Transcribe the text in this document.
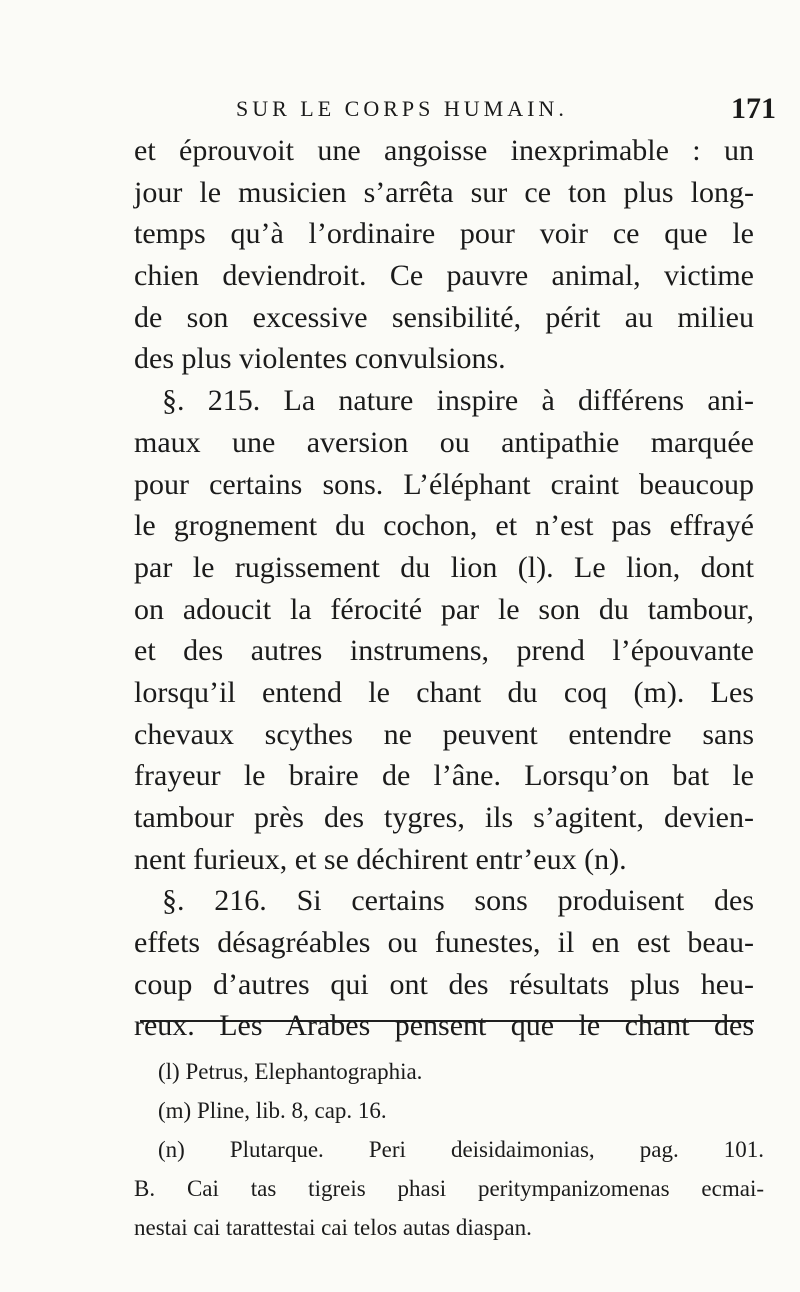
SUR LE CORPS HUMAIN.	171
et éprouvoit une angoisse inexprimable : un
jour le musicien s’arrêta sur ce ton plus long-
temps qu’à l’ordinaire pour voir ce que le
chien deviendroit. Ce pauvre animal, victime
de son excessive sensibilité, périt au milieu
des plus violentes convulsions.
§. 215. La nature inspire à différens ani-
maux une aversion ou antipathie marquée
pour certains sons. L’éléphant craint beaucoup
le grognement du cochon, et n’est pas effrayé
par le rugissement du lion (l). Le lion, dont
on adoucit la férocité par le son du tambour,
et des autres instrumens, prend l’épouvante
lorsqu’il entend le chant du coq (m). Les
chevaux scythes ne peuvent entendre sans
frayeur le braire de l’âne. Lorsqu’on bat le
tambour près des tygres, ils s’agitent, devien-
nent furieux, et se déchirent entr’eux (n).
§. 216. Si certains sons produisent des
effets désagréables ou funestes, il en est beau-
coup d’autres qui ont des résultats plus heu-
reux. Les Arabes pensent que le chant des
(l) Petrus, Elephantographia.
(m) Pline, lib. 8, cap. 16.
(n) Plutarque. Peri deisidaimonias, pag. 101.
B. Cai tas tigreis phasi peritympanizomenas ecmai-
nestai cai tarattestai cai telos autas diaspan.
